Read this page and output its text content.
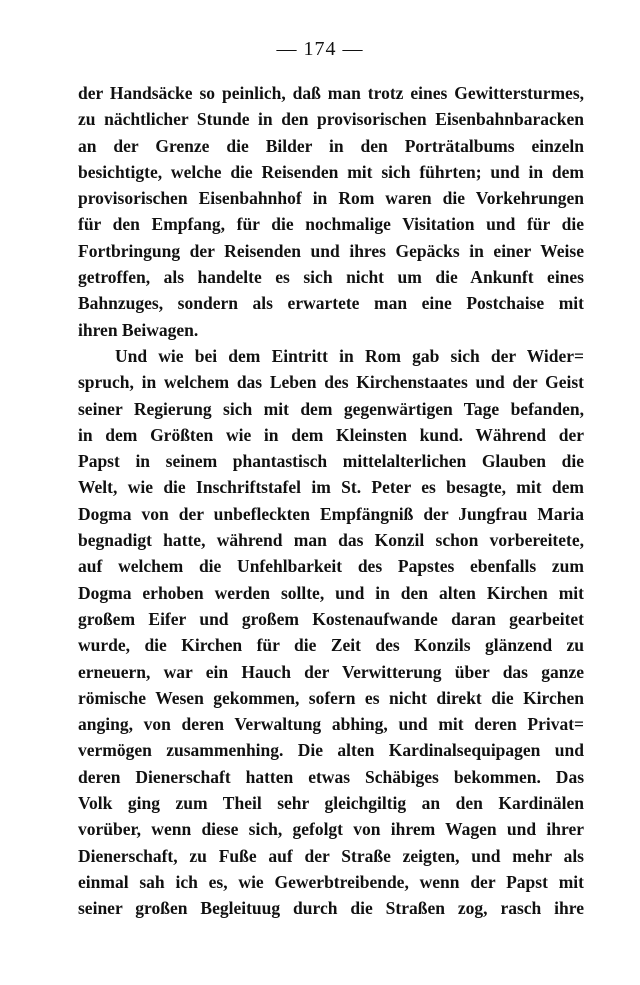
— 174 —
der Handsäcke so peinlich, daß man trotz eines Gewittersturmes,
zu nächtlicher Stunde in den provisorischen Eisenbahnbaracken
an der Grenze die Bilder in den Porträtalbums einzeln
besichtigte, welche die Reisenden mit sich führten; und in dem
provisorischen Eisenbahnhof in Rom waren die Vorkehrungen
für den Empfang, für die nochmalige Visitation und für die
Fortbringung der Reisenden und ihres Gepäcks in einer Weise
getroffen, als handelte es sich nicht um die Ankunft eines
Bahnzuges, sondern als erwartete man eine Postchaise mit
ihren Beiwagen.
Und wie bei dem Eintritt in Rom gab sich der Wider=
spruch, in welchem das Leben des Kirchenstaates und der Geist
seiner Regierung sich mit dem gegenwärtigen Tage befanden,
in dem Größten wie in dem Kleinsten kund. Während der
Papst in seinem phantastisch mittelalterlichen Glauben die
Welt, wie die Inschriftstafel im St. Peter es besagte, mit dem
Dogma von der unbefleckten Empfängniß der Jungfrau Maria
begnadigt hatte, während man das Konzil schon vorbereitete,
auf welchem die Unfehlbarkeit des Papstes ebenfalls zum
Dogma erhoben werden sollte, und in den alten Kirchen mit
großem Eifer und großem Kostenaufwande daran gearbeitet
wurde, die Kirchen für die Zeit des Konzils glänzend zu
erneuern, war ein Hauch der Verwitterung über das ganze
römische Wesen gekommen, sofern es nicht direkt die Kirchen
anging, von deren Verwaltung abhing, und mit deren Privat=
vermögen zusammenhing. Die alten Kardinalsequipagen und
deren Dienerschaft hatten etwas Schäbiges bekommen. Das
Volk ging zum Theil sehr gleichgiltig an den Kardinälen
vorüber, wenn diese sich, gefolgt von ihrem Wagen und ihrer
Dienerschaft, zu Fuße auf der Straße zeigten, und mehr als
einmal sah ich es, wie Gewerbtreibende, wenn der Papst mit
seiner großen Begleituug durch die Straßen zog, rasch ihre
